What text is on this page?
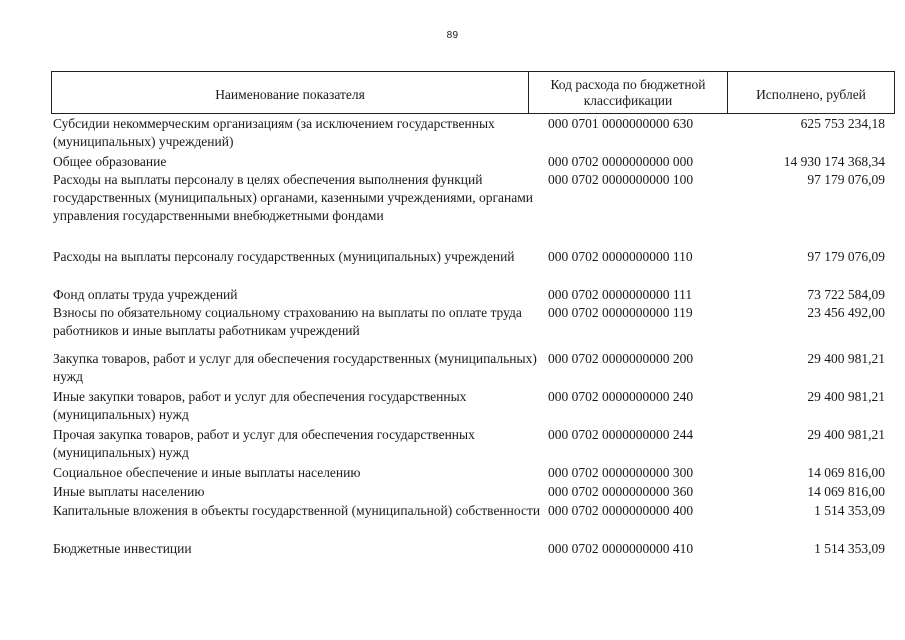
89
Наименование показателя
Код расхода по бюджетной классификации	Исполнено, рублей
Субсидии некоммерческим организациям (за исключением государственных (муниципальных) учреждений)
000 0701 0000000000 630	625 753 234,18
Общее образование	000 0702 0000000000 000	14 930 174 368,34
Расходы на выплаты персоналу в целях обеспечения выполнения функций государственных (муниципальных) органами, казенными учреждениями, органами управления государственными внебюджетными фондами
000 0702 0000000000 100	97 179 076,09
Расходы на выплаты персоналу государственных (муниципальных) учреждений	000 0702 0000000000 110	97 179 076,09
Фонд оплаты труда учреждений	000 0702 0000000000 111	73 722 584,09
Взносы по обязательному социальному страхованию на выплаты по оплате труда работников и иные выплаты работникам учреждений
000 0702 0000000000 119	23 456 492,00
Закупка товаров, работ и услуг для обеспечения государственных (муниципальных) нужд
000 0702 0000000000 200	29 400 981,21
Иные закупки товаров, работ и услуг для обеспечения государственных (муниципальных) нужд
000 0702 0000000000 240	29 400 981,21
Прочая закупка товаров, работ и услуг для обеспечения государственных (муниципальных) нужд
000 0702 0000000000 244	29 400 981,21
Социальное обеспечение и иные выплаты населению	000 0702 0000000000 300	14 069 816,00
Иные выплаты населению	000 0702 0000000000 360	14 069 816,00
Капитальные вложения в объекты государственной (муниципальной) собственности 000 0702 0000000000 400	1 514 353,09
Бюджетные инвестиции	000 0702 0000000000 410	1 514 353,09
